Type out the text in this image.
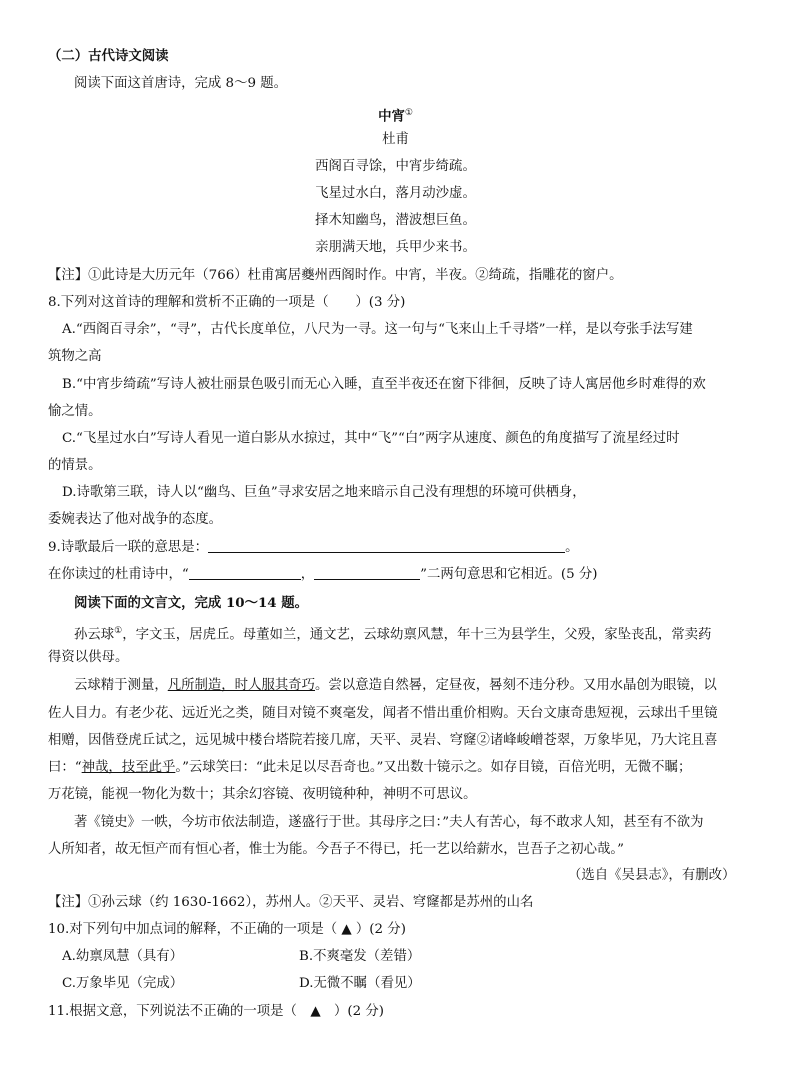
（二）古代诗文阅读
阅读下面这首唐诗，完成 8～9 题。
中宵①
杜甫
西阁百寻馀，中宵步绮疏。
飞星过水白，落月动沙虚。
择木知幽鸟，潜波想巨鱼。
亲朋满天地，兵甲少来书。
【注】①此诗是大历元年（766）杜甫寓居夔州西阁时作。中宵，半夜。②绮疏，指雕花的窗户。
8.下列对这首诗的理解和赏析不正确的一项是（　　）(3 分)
A.“西阁百寻余”，“寻”，古代长度单位，八尺为一寻。这一句与“飞来山上千寻塔”一样，是以夸张手法写建
筑物之高
B.“中宵步绮疏”写诗人被壮丽景色吸引而无心入睡，直至半夜还在窗下徘徊，反映了诗人寓居他乡时难得的欢
愉之情。
C.“飞星过水白”写诗人看见一道白影从水掠过，其中“飞”“白”两字从速度、颜色的角度描写了流星经过时
的情景。
D.诗歌第三联，诗人以“幽鸟、巨鱼”寻求安居之地来暗示自己没有理想的环境可供栖身，
委婉表达了他对战争的态度。
9.诗歌最后一联的意思是：	。
在你读过的杜甫诗中，“	，	”二两句意思和它相近。(5 分)
阅读下面的文言文，完成 10～14 题。
孙云球①，字文玉，居虎丘。母董如兰，通文艺，云球幼禀风慧，年十三为县学生，父殁，家坠丧乱，常卖药
得资以供母。
云球精于测量，凡所制造，时人服其奇巧。尝以意造自然晷，定昼夜，晷刻不违分秒。又用水晶创为眼镜，以
佐人目力。有老少花、远近光之类，随目对镜不爽毫发，闻者不惜出重价相购。天台文康奇患短视，云球出千里镜
相赠，因偕登虎丘试之，远见城中楼台塔院若接几席，天平、灵岩、穹窿②诸峰峻嶒苍翠，万象毕见，乃大诧且喜
曰：“神哉，技至此乎。”云球笑曰：“此未足以尽吾奇也。”又出数十镜示之。如存目镜，百倍光明，无微不瞩；
万花镜，能视一物化为数十；其余幻容镜、夜明镜种种，神明不可思议。
著《镜史》一帙，今坊市依法制造，遂盛行于世。其母序之曰：”夫人有苦心，每不敢求人知，甚至有不欲为
人所知者，故无恒产而有恒心者，惟士为能。今吾子不得已，托一艺以给薪水，岂吾子之初心哉。”
（选自《吴县志》，有删改）
【注】①孙云球（约 1630-1662），苏州人。②天平、灵岩、穹窿都是苏州的山名
10.对下列句中加点词的解释，不正确的一项是（ ▲ ）(2 分)
A.幼禀凤慧（具有）	B.不爽毫发（差错）
C.万象毕见（完成）	D.无微不瞩（看见）
11.根据文意，下列说法不正确的一项是（　▲　）(2 分)
